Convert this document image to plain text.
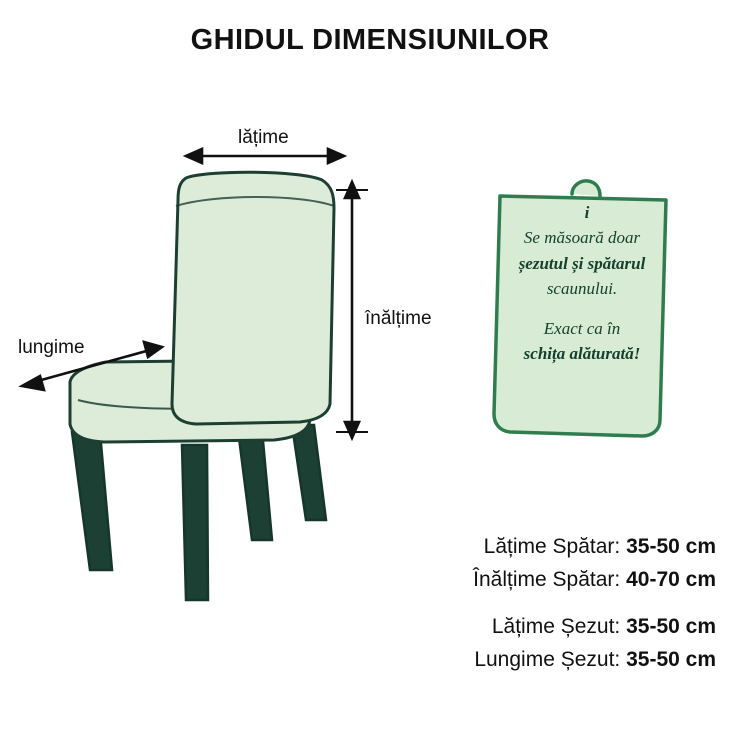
GHIDUL DIMENSIUNILOR
lățime
înălțime
lungime
i
Se măsoară doar
șezutul și spătarul
scaunului.
Exact ca în
schița alăturată!
Lățime Spătar: 35-50 cm
Înălțime Spătar: 40-70 cm
Lățime Șezut: 35-50 cm
Lungime Șezut: 35-50 cm
